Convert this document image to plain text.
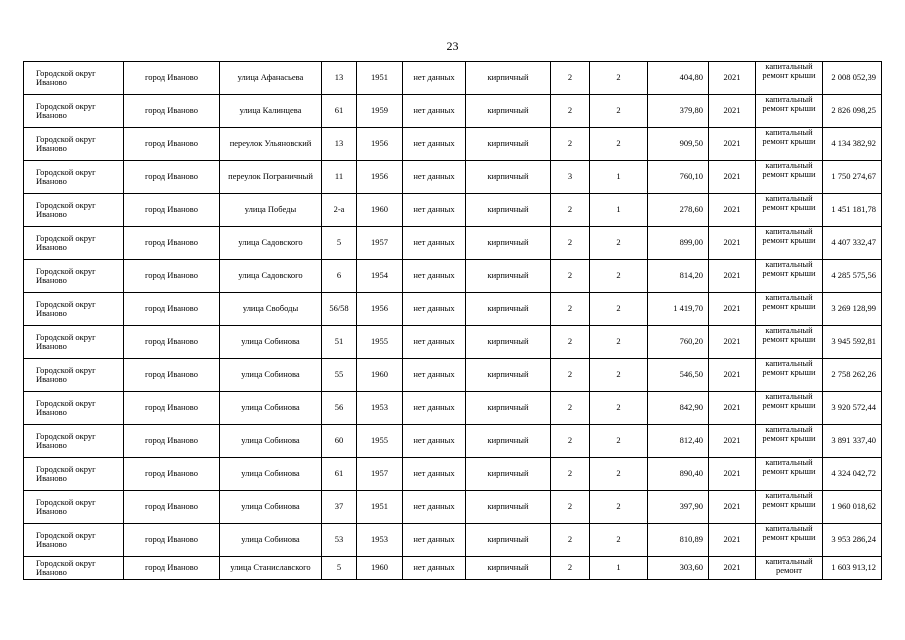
23
Городской округ Иваново	город Иваново	улица Афанасьева	13	1951	нет данных	кирпичный	2	2	404,80	2021	капитальный ремонт крыши	2 008 052,39
Городской округ Иваново	город Иваново	улица Калинцева	61	1959	нет данных	кирпичный	2	2	379,80	2021	капитальный ремонт крыши	2 826 098,25
Городской округ Иваново	город Иваново	переулок Ульяновский	13	1956	нет данных	кирпичный	2	2	909,50	2021	капитальный ремонт крыши	4 134 382,92
Городской округ Иваново	город Иваново	переулок Пограничный	11	1956	нет данных	кирпичный	3	1	760,10	2021	капитальный ремонт крыши	1 750 274,67
Городской округ Иваново	город Иваново	улица Победы	2-а	1960	нет данных	кирпичный	2	1	278,60	2021	капитальный ремонт крыши	1 451 181,78
Городской округ Иваново	город Иваново	улица Садовского	5	1957	нет данных	кирпичный	2	2	899,00	2021	капитальный ремонт крыши	4 407 332,47
Городской округ Иваново	город Иваново	улица Садовского	6	1954	нет данных	кирпичный	2	2	814,20	2021	капитальный ремонт крыши	4 285 575,56
Городской округ Иваново	город Иваново	улица Свободы	56/58	1956	нет данных	кирпичный	2	2	1 419,70	2021	капитальный ремонт крыши	3 269 128,99
Городской округ Иваново	город Иваново	улица Собинова	51	1955	нет данных	кирпичный	2	2	760,20	2021	капитальный ремонт крыши	3 945 592,81
Городской округ Иваново	город Иваново	улица Собинова	55	1960	нет данных	кирпичный	2	2	546,50	2021	капитальный ремонт крыши	2 758 262,26
Городской округ Иваново	город Иваново	улица Собинова	56	1953	нет данных	кирпичный	2	2	842,90	2021	капитальный ремонт крыши	3 920 572,44
Городской округ Иваново	город Иваново	улица Собинова	60	1955	нет данных	кирпичный	2	2	812,40	2021	капитальный ремонт крыши	3 891 337,40
Городской округ Иваново	город Иваново	улица Собинова	61	1957	нет данных	кирпичный	2	2	890,40	2021	капитальный ремонт крыши	4 324 042,72
Городской округ Иваново	город Иваново	улица Собинова	37	1951	нет данных	кирпичный	2	2	397,90	2021	капитальный ремонт крыши	1 960 018,62
Городской округ Иваново	город Иваново	улица Собинова	53	1953	нет данных	кирпичный	2	2	810,89	2021	капитальный ремонт крыши	3 953 286,24
Городской округ Иваново	город Иваново	улица Станиславского	5	1960	нет данных	кирпичный	2	1	303,60	2021	капитальный ремонт	1 603 913,12
